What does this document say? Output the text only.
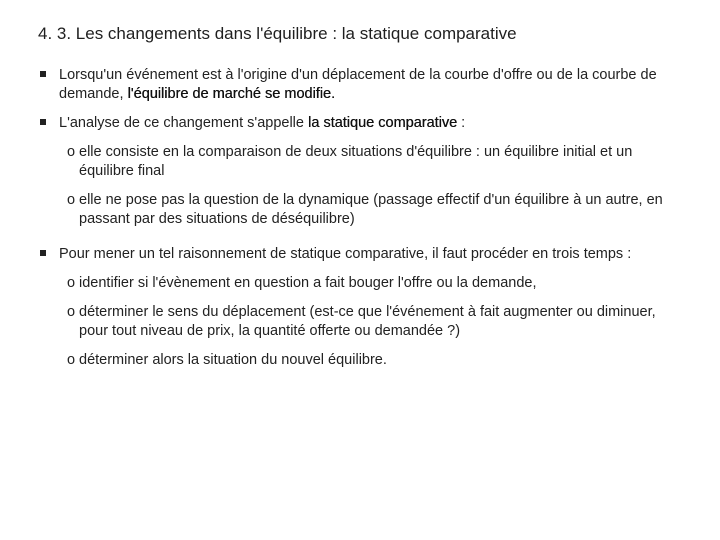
4. 3. Les changements dans l'équilibre : la statique comparative
Lorsqu'un événement est à l'origine d'un déplacement de la courbe d'offre ou de la courbe de demande, l'équilibre de marché se modifie.
L'analyse de ce changement s'appelle la statique comparative :
o elle consiste en la comparaison de deux situations d'équilibre : un équilibre initial et un équilibre final
o elle ne pose pas la question de la dynamique (passage effectif d'un équilibre à un autre, en passant par des situations de déséquilibre)
Pour mener un tel raisonnement de statique comparative, il faut procéder en trois temps :
o identifier si l'évènement en question a fait bouger l'offre ou la demande,
o déterminer le sens du déplacement (est-ce que l'événement à fait augmenter ou diminuer, pour tout niveau de prix, la quantité offerte ou demandée ?)
o déterminer alors la situation du nouvel équilibre.
